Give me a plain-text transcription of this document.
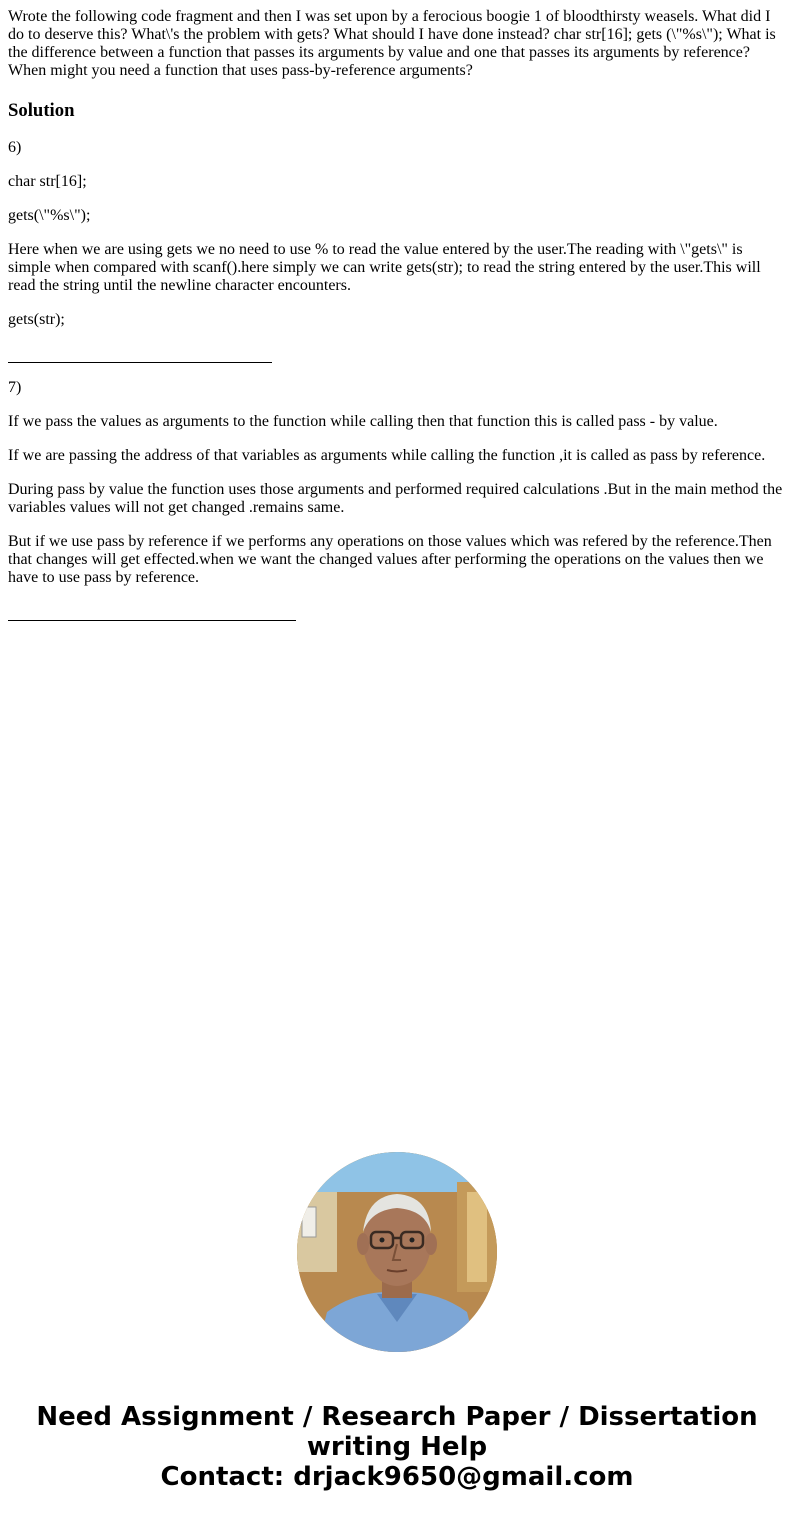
Wrote the following code fragment and then I was set upon by a ferocious boogie 1 of bloodthirsty weasels. What did I do to deserve this? What\'s the problem with gets? What should I have done instead? char str[16]; gets (\"%s\"); What is the difference between a function that passes its arguments by value and one that passes its arguments by reference? When might you need a function that uses pass-by-reference arguments?

Solution

6)

char str[16];

gets(\"%s\");

Here when we are using gets we no need to use % to read the value entered by the user.The reading with \"gets\" is simple when compared with scanf().here simply we can write gets(str); to read the string entered by the user.This will read the string until the newline character encounters.

gets(str);

7)

If we pass the values as arguments to the function while calling then that function this is called pass - by value.

If we are passing the address of that variables as arguments while calling the function ,it is called as pass by reference.

During pass by value the function uses those arguments and performed required calculations .But in the main method the variables values will not get changed .remains same.

But if we use pass by reference if we performs any operations on those values which was refered by the reference.Then that changes will get effected.when we want the changed values after performing the operations on the values then we have to use pass by reference.

Need Assignment / Research Paper / Dissertation
writing Help
Contact: drjack9650@gmail.com
